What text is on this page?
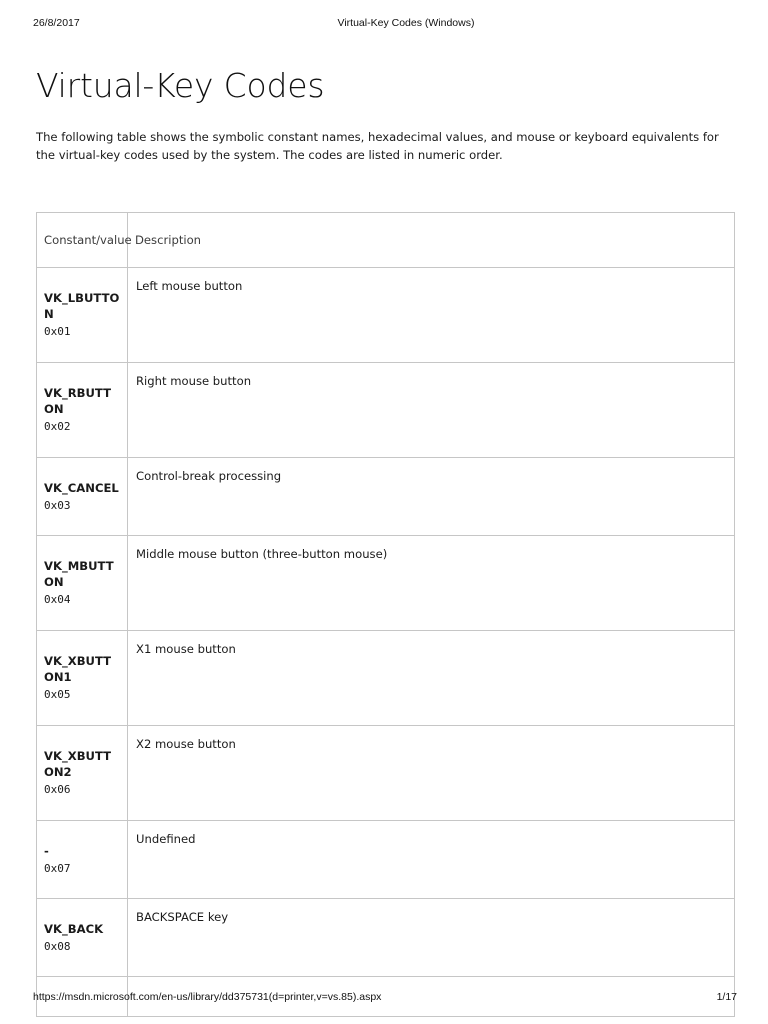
26/8/2017	Virtual-Key Codes (Windows)
Virtual-Key Codes

The following table shows the symbolic constant names, hexadecimal values, and mouse or keyboard equivalents for the virtual-key codes used by the system. The codes are listed in numeric order.

Constant/value	Description

VK_LBUTTON
0x01	Left mouse button

VK_RBUTTON
0x02	Right mouse button

VK_CANCEL
0x03	Control-break processing

VK_MBUTTON
0x04	Middle mouse button (three-button mouse)

VK_XBUTTON1
0x05	X1 mouse button

VK_XBUTTON2
0x06	X2 mouse button

-
0x07	Undefined

VK_BACK
0x08	BACKSPACE key

https://msdn.microsoft.com/en-us/library/dd375731(d=printer,v=vs.85).aspx	1/17
